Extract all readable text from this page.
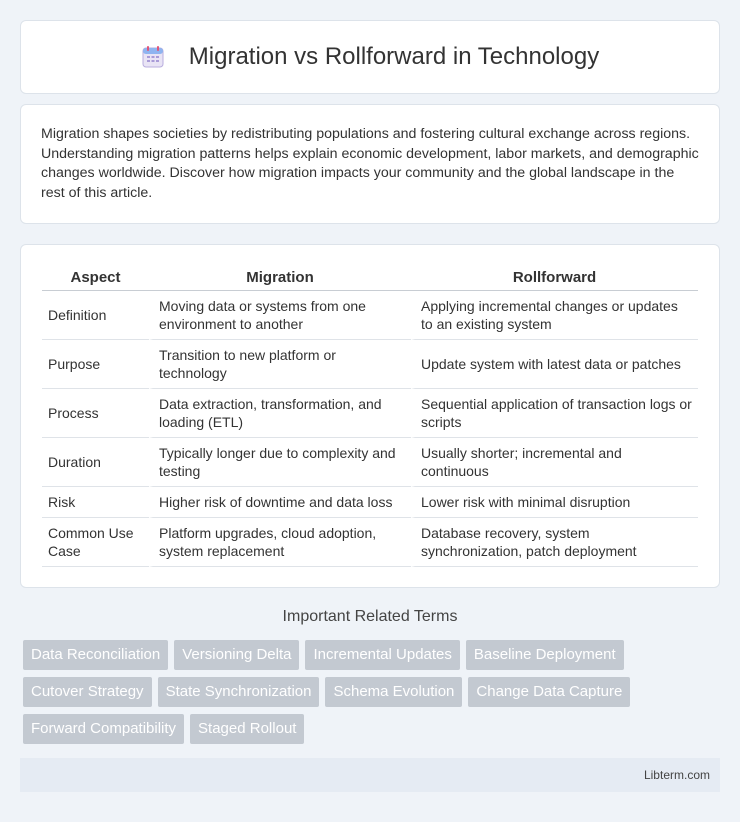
Migration vs Rollforward in Technology

Migration shapes societies by redistributing populations and fostering cultural exchange across regions. Understanding migration patterns helps explain economic development, labor markets, and demographic changes worldwide. Discover how migration impacts your community and the global landscape in the rest of this article.

Aspect	Migration	Rollforward
Definition	Moving data or systems from one environment to another	Applying incremental changes or updates to an existing system
Purpose	Transition to new platform or technology	Update system with latest data or patches
Process	Data extraction, transformation, and loading (ETL)	Sequential application of transaction logs or scripts
Duration	Typically longer due to complexity and testing	Usually shorter; incremental and continuous
Risk	Higher risk of downtime and data loss	Lower risk with minimal disruption
Common Use Case	Platform upgrades, cloud adoption, system replacement	Database recovery, system synchronization, patch deployment
Important Related Terms
Data Reconciliation	Versioning Delta	Incremental Updates	Baseline Deployment
Cutover Strategy	State Synchronization	Schema Evolution	Change Data Capture
Forward Compatibility	Staged Rollout
Libterm.com
